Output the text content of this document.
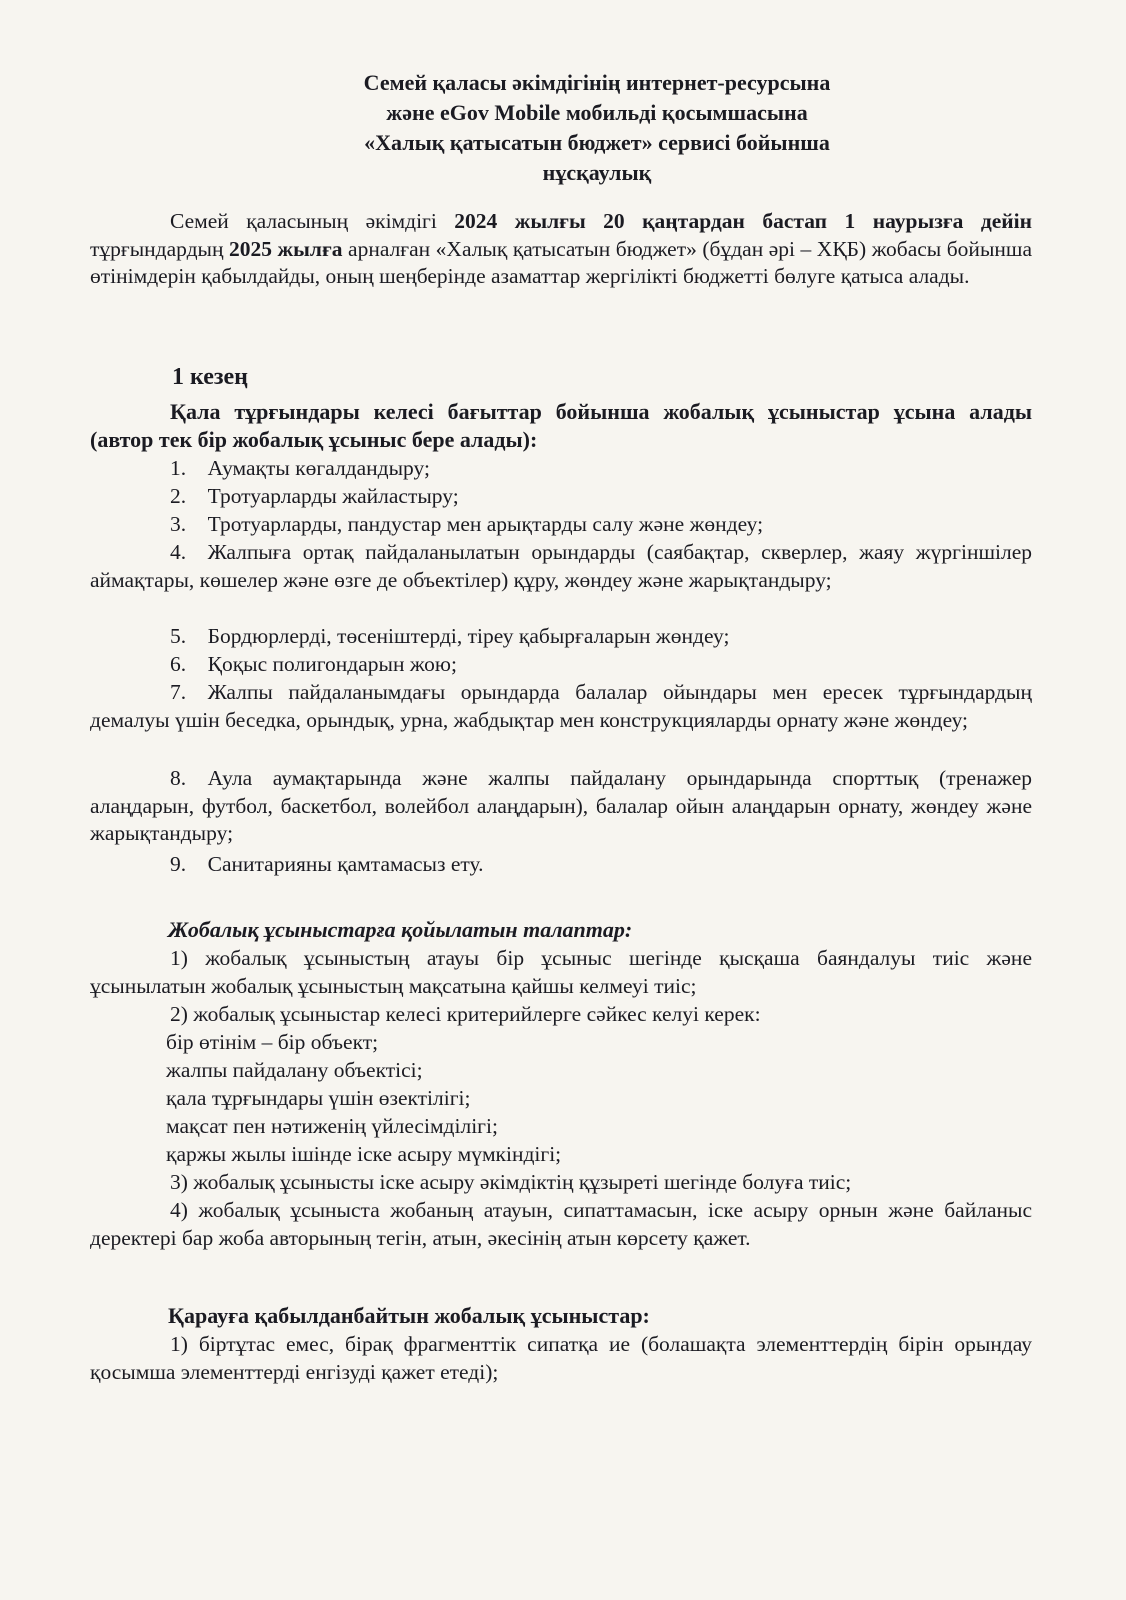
Семей қаласы әкімдігінің интернет-ресурсына
және eGov Mobile мобильді қосымшасына
«Халық қатысатын бюджет» сервисі бойынша
нұсқаулық

Семей қаласының әкімдігі 2024 жылғы 20 қаңтардан бастап 1 наурызға дейін тұрғындардың 2025 жылға арналған «Халық қатысатын бюджет» (бұдан әрі – ХҚБ) жобасы бойынша өтінімдерін қабылдайды, оның шеңберінде азаматтар жергілікті бюджетті бөлуге қатыса алады.

1 кезең

Қала тұрғындары келесі бағыттар бойынша жобалық ұсыныстар ұсына алады (автор тек бір жобалық ұсыныс бере алады):

1. Аумақты көгалдандыру;

2. Тротуарларды жайластыру;

3. Тротуарларды, пандустар мен арықтарды салу және жөндеу;

4. Жалпыға ортақ пайдаланылатын орындарды (саябақтар, скверлер, жаяу жүргіншілер аймақтары, көшелер және өзге де объектілер) құру, жөндеу және жарықтандыру;

5. Бордюрлерді, төсеніштерді, тіреу қабырғаларын жөндеу;

6. Қоқыс полигондарын жою;

7. Жалпы пайдаланымдағы орындарда балалар ойындары мен ересек тұрғындардың демалуы үшін беседка, орындық, урна, жабдықтар мен конструкцияларды орнату және жөндеу;

8. Аула аумақтарында және жалпы пайдалану орындарында спорттық (тренажер алаңдарын, футбол, баскетбол, волейбол алаңдарын), балалар ойын алаңдарын орнату, жөндеу және жарықтандыру;

9. Санитарияны қамтамасыз ету.

Жобалық ұсыныстарға қойылатын талаптар:

1) жобалық ұсыныстың атауы бір ұсыныс шегінде қысқаша баяндалуы тиіс және ұсынылатын жобалық ұсыныстың мақсатына қайшы келмеуі тиіс;

2) жобалық ұсыныстар келесі критерийлерге сәйкес келуі керек:

бір өтінім – бір объект;
жалпы пайдалану объектісі;
қала тұрғындары үшін өзектілігі;
мақсат пен нәтиженің үйлесімділігі;
қаржы жылы ішінде іске асыру мүмкіндігі;

3) жобалық ұсынысты іске асыру әкімдіктің құзыреті шегінде болуға тиіс;

4) жобалық ұсыныста жобаның атауын, сипаттамасын, іске асыру орнын және байланыс деректері бар жоба авторының тегін, атын, әкесінің атын көрсету қажет.

Қарауға қабылданбайтын жобалық ұсыныстар:

1) біртұтас емес, бірақ фрагменттік сипатқа ие (болашақта элементтердің бірін орындау қосымша элементтерді енгізуді қажет етеді);
